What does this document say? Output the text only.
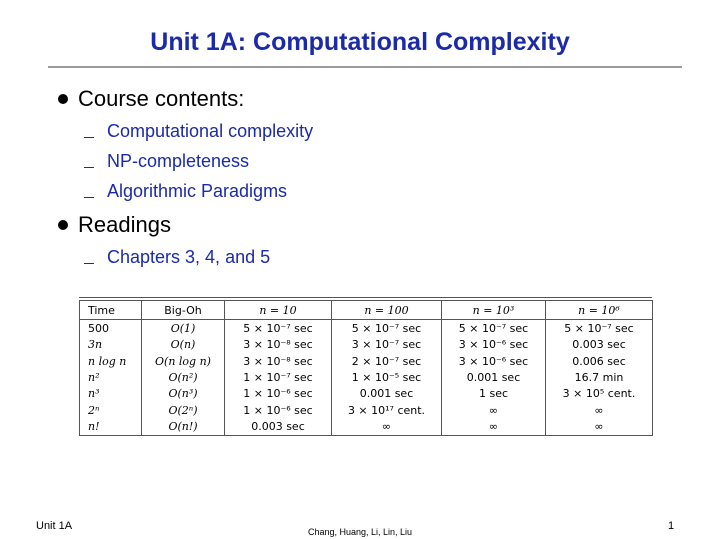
Unit 1A: Computational Complexity
Course contents:
Computational complexity
NP-completeness
Algorithmic Paradigms
Readings
Chapters 3, 4, and 5
Time	Big-Oh	n = 10	n = 100	n = 10³	n = 10⁶
500	O(1)	5 × 10⁻⁷ sec	5 × 10⁻⁷ sec	5 × 10⁻⁷ sec	5 × 10⁻⁷ sec
3n	O(n)	3 × 10⁻⁸ sec	3 × 10⁻⁷ sec	3 × 10⁻⁶ sec	0.003 sec
n log n	O(n log n)	3 × 10⁻⁸ sec	2 × 10⁻⁷ sec	3 × 10⁻⁶ sec	0.006 sec
n²	O(n²)	1 × 10⁻⁷ sec	1 × 10⁻⁵ sec	0.001 sec	16.7 min
n³	O(n³)	1 × 10⁻⁶ sec	0.001 sec	1 sec	3 × 10⁵ cent.
2ⁿ	O(2ⁿ)	1 × 10⁻⁶ sec	3 × 10¹⁷ cent.	∞	∞
n!	O(n!)	0.003 sec	∞	∞	∞
Unit 1A	Chang, Huang, Li, Lin, Liu	1
